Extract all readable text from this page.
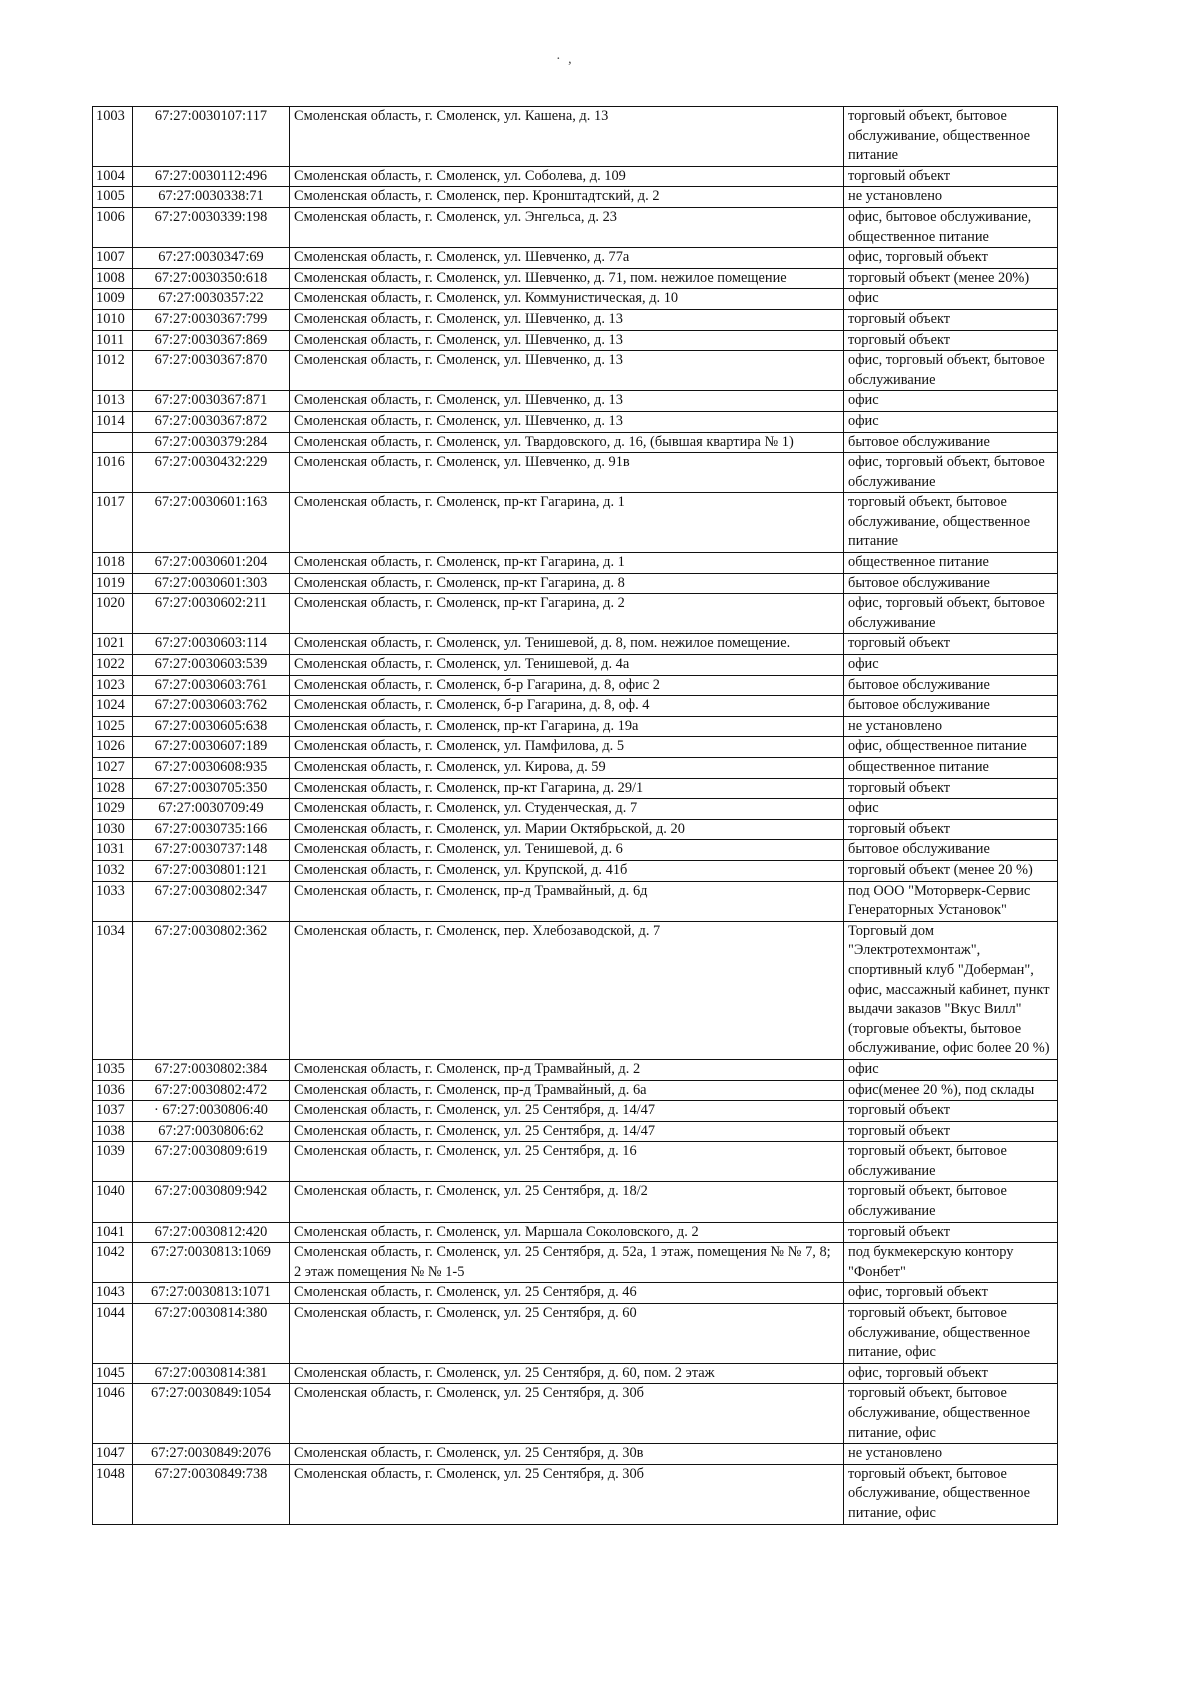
· ,
1003	67:27:0030107:117	Смоленская область, г. Смоленск, ул. Кашена, д. 13	торговый объект, бытовое обслуживание, общественное питание
1004	67:27:0030112:496	Смоленская область, г. Смоленск, ул. Соболева, д. 109	торговый объект
1005	67:27:0030338:71	Смоленская область, г. Смоленск, пер. Кронштадтский, д. 2	не установлено
1006	67:27:0030339:198	Смоленская область, г. Смоленск, ул. Энгельса, д. 23	офис, бытовое обслуживание, общественное питание
1007	67:27:0030347:69	Смоленская область, г. Смоленск, ул. Шевченко, д. 77а	офис, торговый объект
1008	67:27:0030350:618	Смоленская область, г. Смоленск, ул. Шевченко, д. 71, пом. нежилое помещение	торговый объект (менее 20%)
1009	67:27:0030357:22	Смоленская область, г. Смоленск, ул. Коммунистическая, д. 10	офис
1010	67:27:0030367:799	Смоленская область, г. Смоленск, ул. Шевченко, д. 13	торговый объект
1011	67:27:0030367:869	Смоленская область, г. Смоленск, ул. Шевченко, д. 13	торговый объект
1012	67:27:0030367:870	Смоленская область, г. Смоленск, ул. Шевченко, д. 13	офис, торговый объект, бытовое обслуживание
1013	67:27:0030367:871	Смоленская область, г. Смоленск, ул. Шевченко, д. 13	офис
1014	67:27:0030367:872	Смоленская область, г. Смоленск, ул. Шевченко, д. 13	офис
	67:27:0030379:284	Смоленская область, г. Смоленск, ул. Твардовского, д. 16, (бывшая квартира № 1)	бытовое обслуживание
1016	67:27:0030432:229	Смоленская область, г. Смоленск, ул. Шевченко, д. 91в	офис, торговый объект, бытовое обслуживание
1017	67:27:0030601:163	Смоленская область, г. Смоленск, пр-кт Гагарина, д. 1	торговый объект, бытовое обслуживание, общественное питание
1018	67:27:0030601:204	Смоленская область, г. Смоленск, пр-кт Гагарина, д. 1	общественное питание
1019	67:27:0030601:303	Смоленская область, г. Смоленск, пр-кт Гагарина, д. 8	бытовое обслуживание
1020	67:27:0030602:211	Смоленская область, г. Смоленск, пр-кт Гагарина, д. 2	офис, торговый объект, бытовое обслуживание
1021	67:27:0030603:114	Смоленская область, г. Смоленск, ул. Тенишевой, д. 8, пом. нежилое помещение.	торговый объект
1022	67:27:0030603:539	Смоленская область, г. Смоленск, ул. Тенишевой, д. 4а	офис
1023	67:27:0030603:761	Смоленская область, г. Смоленск, б-р Гагарина, д. 8, офис 2	бытовое обслуживание
1024	67:27:0030603:762	Смоленская область, г. Смоленск, б-р Гагарина, д. 8, оф. 4	бытовое обслуживание
1025	67:27:0030605:638	Смоленская область, г. Смоленск, пр-кт Гагарина, д. 19а	не установлено
1026	67:27:0030607:189	Смоленская область, г. Смоленск, ул. Памфилова, д. 5	офис, общественное питание
1027	67:27:0030608:935	Смоленская область, г. Смоленск, ул. Кирова, д. 59	общественное питание
1028	67:27:0030705:350	Смоленская область, г. Смоленск, пр-кт Гагарина, д. 29/1	торговый объект
1029	67:27:0030709:49	Смоленская область, г. Смоленск, ул. Студенческая, д. 7	офис
1030	67:27:0030735:166	Смоленская область, г. Смоленск, ул. Марии Октябрьской, д. 20	торговый объект
1031	67:27:0030737:148	Смоленская область, г. Смоленск, ул. Тенишевой, д. 6	бытовое обслуживание
1032	67:27:0030801:121	Смоленская область, г. Смоленск, ул. Крупской, д. 41б	торговый объект (менее 20 %)
1033	67:27:0030802:347	Смоленская область, г. Смоленск, пр-д Трамвайный, д. 6д	под ООО "Моторверк-Сервис Генераторных Установок"
1034	67:27:0030802:362	Смоленская область, г. Смоленск, пер. Хлебозаводской, д. 7	Торговый дом "Электротехмонтаж", спортивный клуб "Доберман", офис, массажный кабинет, пункт выдачи заказов "Вкус Вилл" (торговые объекты, бытовое обслуживание, офис более 20 %)
1035	67:27:0030802:384	Смоленская область, г. Смоленск, пр-д Трамвайный, д. 2	офис
1036	67:27:0030802:472	Смоленская область, г. Смоленск, пр-д Трамвайный, д. 6а	офис(менее 20 %), под склады
1037	· 67:27:0030806:40	Смоленская область, г. Смоленск, ул. 25 Сентября, д. 14/47	торговый объект
1038	67:27:0030806:62	Смоленская область, г. Смоленск, ул. 25 Сентября, д. 14/47	торговый объект
1039	67:27:0030809:619	Смоленская область, г. Смоленск, ул. 25 Сентября, д. 16	торговый объект, бытовое обслуживание
1040	67:27:0030809:942	Смоленская область, г. Смоленск, ул. 25 Сентября, д. 18/2	торговый объект, бытовое обслуживание
1041	67:27:0030812:420	Смоленская область, г. Смоленск, ул. Маршала Соколовского, д. 2	торговый объект
1042	67:27:0030813:1069	Смоленская область, г. Смоленск, ул. 25 Сентября, д. 52а, 1 этаж, помещения № № 7, 8; 2 этаж помещения № № 1-5	под букмекерскую контору "Фонбет"
1043	67:27:0030813:1071	Смоленская область, г. Смоленск, ул. 25 Сентября, д. 46	офис, торговый объект
1044	67:27:0030814:380	Смоленская область, г. Смоленск, ул. 25 Сентября, д. 60	торговый объект, бытовое обслуживание, общественное питание, офис
1045	67:27:0030814:381	Смоленская область, г. Смоленск, ул. 25 Сентября, д. 60, пом. 2 этаж	офис, торговый объект
1046	67:27:0030849:1054	Смоленская область, г. Смоленск, ул. 25 Сентября, д. 30б	торговый объект, бытовое обслуживание, общественное питание, офис
1047	67:27:0030849:2076	Смоленская область, г. Смоленск, ул. 25 Сентября, д. 30в	не установлено
1048	67:27:0030849:738	Смоленская область, г. Смоленск, ул. 25 Сентября, д. 30б	торговый объект, бытовое обслуживание, общественное питание, офис
